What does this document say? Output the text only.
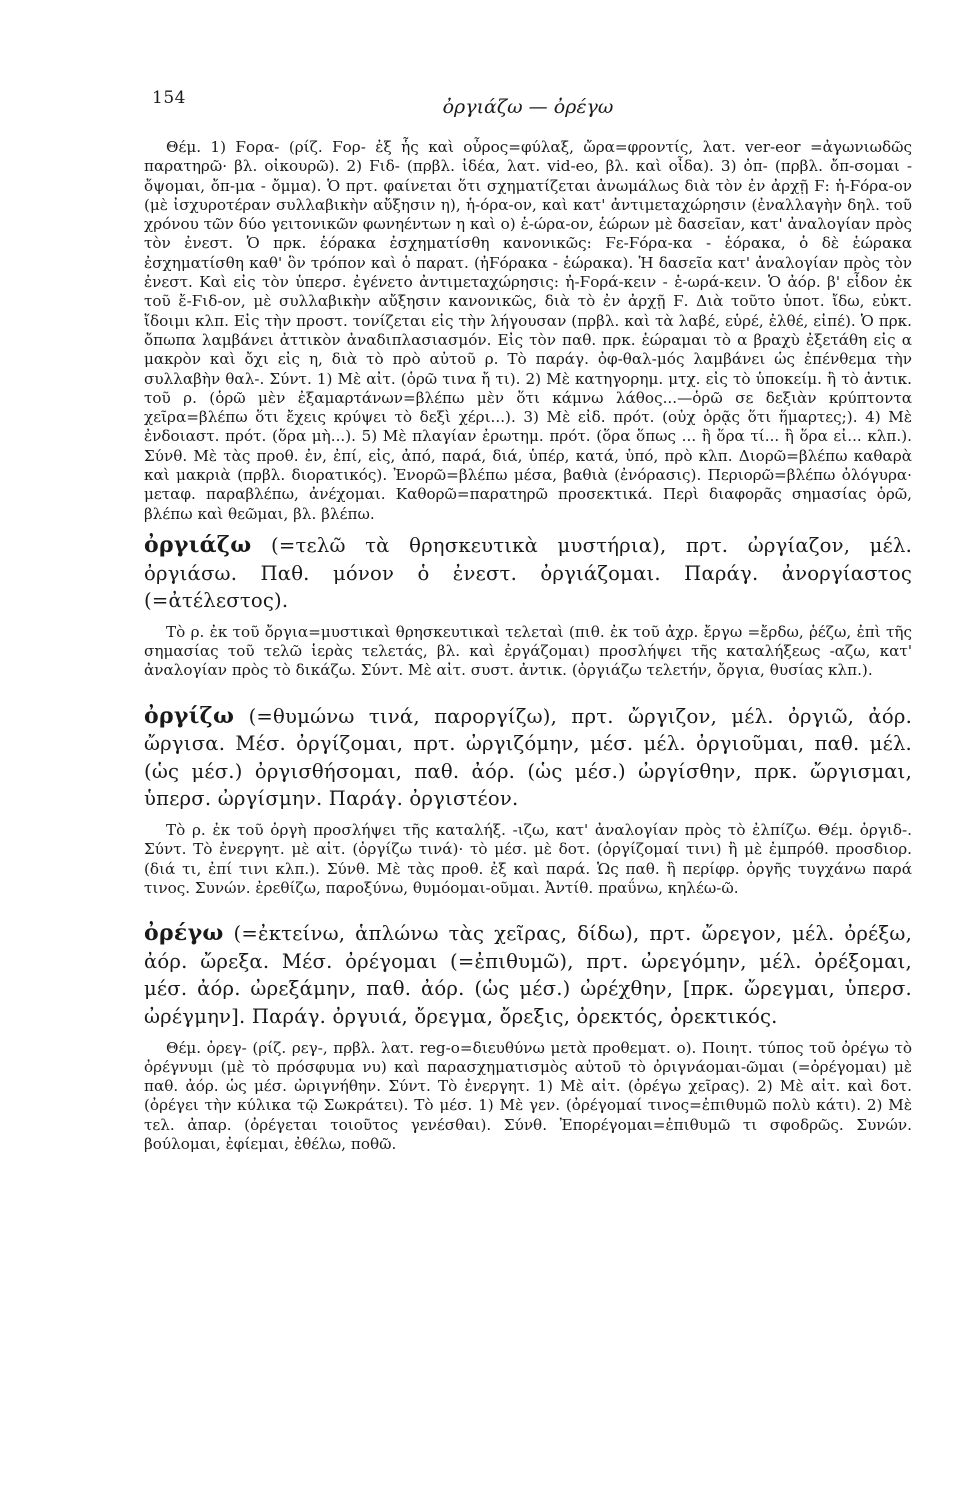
154	ὀργιάζω — ὀρέγω

Θέμ. 1) Ϝορα- (ρίζ. Ϝορ- ἐξ ἧς καὶ οὖρος=φύλαξ, ὤρα=φροντίς, λατ. ver-eor =ἀγωνιωδῶς παρατηρῶ· βλ. οἰκουρῶ). 2) Ϝιδ- (πρβλ. ἰδέα, λατ. vid-eo, βλ. καὶ οἶδα). 3) ὀπ- (πρβλ. ὄπ-σομαι - ὄψομαι, ὄπ-μα - ὄμμα). Ὁ πρτ. φαίνεται ὅτι σχηματίζεται ἀνωμάλως διὰ τὸν ἐν ἀρχῇ Ϝ: ἡ-Ϝόρα-ον (μὲ ἰσχυροτέραν συλλαβικὴν αὔξησιν η), ἡ-όρα-ον, καὶ κατ' ἀντιμεταχώρησιν (ἐναλλαγὴν δηλ. τοῦ χρόνου τῶν δύο γειτονικῶν φωνηέντων η καὶ ο) ἑ-ώρα-ον, ἑώρων μὲ δασεῖαν, κατ' ἀναλογίαν πρὸς τὸν ἐνεστ. Ὁ πρκ. ἑόρακα ἐσχηματίσθη κανονικῶς: Ϝε-Ϝόρα-κα - ἑόρακα, ὁ δὲ ἑώρακα ἐσχηματίσθη καθ' ὃν τρόπον καὶ ὁ παρατ. (ἠϜόρακα - ἑώρακα). Ἡ δασεῖα κατ' ἀναλογίαν πρὸς τὸν ἐνεστ. Καὶ εἰς τὸν ὑπερσ. ἐγένετο ἀντιμεταχώρησις: ἠ-Ϝορά-κειν - ἑ-ωρά-κειν. Ὁ ἀόρ. β' εἶδον ἐκ τοῦ ἔ-Ϝιδ-ον, μὲ συλλαβικὴν αὔξησιν κανονικῶς, διὰ τὸ ἐν ἀρχῇ Ϝ. Διὰ τοῦτο ὑποτ. ἴδω, εὐκτ. ἴδοιμι κλπ. Εἰς τὴν προστ. τονίζεται εἰς τὴν λήγουσαν (πρβλ. καὶ τὰ λαβέ, εὑρέ, ἐλθέ, εἰπέ). Ὁ πρκ. ὄπωπα λαμβάνει ἀττικὸν ἀναδιπλασιασμόν. Εἰς τὸν παθ. πρκ. ἑώραμαι τὸ α βραχὺ ἐξετάθη εἰς α μακρὸν καὶ ὄχι εἰς η, διὰ τὸ πρὸ αὐτοῦ ρ. Τὸ παράγ. ὀφ-θαλ-μός λαμβάνει ὡς ἐπένθεμα τὴν συλλαβὴν θαλ-. Σύντ. 1) Μὲ αἰτ. (ὁρῶ τινα ἤ τι). 2) Μὲ κατηγορημ. μτχ. εἰς τὸ ὑποκείμ. ἢ τὸ ἀντικ. τοῦ ρ. (ὁρῶ μὲν ἐξαμαρτάνων=βλέπω μὲν ὅτι κάμνω λάθος...—ὁρῶ σε δεξιὰν κρύπτοντα χεῖρα=βλέπω ὅτι ἔχεις κρύψει τὸ δεξὶ χέρι...). 3) Μὲ εἰδ. πρότ. (οὐχ ὁρᾷς ὅτι ἥμαρτες;). 4) Μὲ ἐνδοιαστ. πρότ. (ὅρα μὴ...). 5) Μὲ πλαγίαν ἐρωτημ. πρότ. (ὅρα ὅπως ... ἢ ὅρα τί... ἢ ὅρα εἰ... κλπ.). Σύνθ. Μὲ τὰς προθ. ἐν, ἐπί, εἰς, ἀπό, παρά, διά, ὑπέρ, κατά, ὑπό, πρὸ κλπ. Διορῶ=βλέπω καθαρὰ καὶ μακριὰ (πρβλ. διορατικός). Ἐνορῶ=βλέπω μέσα, βαθιὰ (ἐνόρασις). Περιορῶ=βλέπω ὀλόγυρα· μεταφ. παραβλέπω, ἀνέχομαι. Καθορῶ=παρατηρῶ προσεκτικά. Περὶ διαφορᾶς σημασίας ὁρῶ, βλέπω καὶ θεῶμαι, βλ. βλέπω.

ὀργιάζω (=τελῶ τὰ θρησκευτικὰ μυστήρια), πρτ. ὠργίαζον, μέλ. ὀργιάσω. Παθ. μόνον ὁ ἐνεστ. ὀργιάζομαι. Παράγ. ἀνοργίαστος (=ἀτέλεστος).

Τὸ ρ. ἐκ τοῦ ὄργια=μυστικαὶ θρησκευτικαὶ τελεταὶ (πιθ. ἐκ τοῦ ἀχρ. ἔργω =ἔρδω, ῥέζω, ἐπὶ τῆς σημασίας τοῦ τελῶ ἱερὰς τελετάς, βλ. καὶ ἐργάζομαι) προσλήψει τῆς καταλήξεως -αζω, κατ' ἀναλογίαν πρὸς τὸ δικάζω. Σύντ. Μὲ αἰτ. συστ. ἀντικ. (ὀργιάζω τελετήν, ὄργια, θυσίας κλπ.).

ὀργίζω (=θυμώνω τινά, παροργίζω), πρτ. ὤργιζον, μέλ. ὀργιῶ, ἀόρ. ὤργισα. Μέσ. ὀργίζομαι, πρτ. ὠργιζόμην, μέσ. μέλ. ὀργιοῦμαι, παθ. μέλ. (ὡς μέσ.) ὀργισθήσομαι, παθ. ἀόρ. (ὡς μέσ.) ὠργίσθην, πρκ. ὤργισμαι, ὑπερσ. ὠργίσμην. Παράγ. ὀργιστέον.

Τὸ ρ. ἐκ τοῦ ὀργὴ προσλήψει τῆς καταλήξ. -ιζω, κατ' ἀναλογίαν πρὸς τὸ ἐλπίζω. Θέμ. ὀργιδ-. Σύντ. Τὸ ἐνεργητ. μὲ αἰτ. (ὀργίζω τινά)· τὸ μέσ. μὲ δοτ. (ὀργίζομαί τινι) ἢ μὲ ἐμπρόθ. προσδιορ. (διά τι, ἐπί τινι κλπ.). Σύνθ. Μὲ τὰς προθ. ἐξ καὶ παρά. Ὡς παθ. ἢ περίφρ. ὀργῆς τυγχάνω παρά τινος. Συνών. ἐρεθίζω, παροξύνω, θυμόομαι-οῦμαι. Ἀντίθ. πραΰνω, κηλέω-ῶ.

ὀρέγω (=ἐκτείνω, ἁπλώνω τὰς χεῖρας, δίδω), πρτ. ὤρεγον, μέλ. ὀρέξω, ἀόρ. ὤρεξα. Μέσ. ὀρέγομαι (=ἐπιθυμῶ), πρτ. ὠρεγόμην, μέλ. ὀρέξομαι, μέσ. ἀόρ. ὠρεξάμην, παθ. ἀόρ. (ὡς μέσ.) ὠρέχθην, [πρκ. ὤρεγμαι, ὑπερσ. ὠρέγμην]. Παράγ. ὀργυιά, ὄρεγμα, ὄρεξις, ὀρεκτός, ὀρεκτικός.

Θέμ. ὀρεγ- (ρίζ. ρεγ-, πρβλ. λατ. reg-o=διευθύνω μετὰ προθεματ. ο). Ποιητ. τύπος τοῦ ὀρέγω τὸ ὀρέγνυμι (μὲ τὸ πρόσφυμα νυ) καὶ παρασχηματισμὸς αὐτοῦ τὸ ὀριγνάομαι-ῶμαι (=ὀρέγομαι) μὲ παθ. ἀόρ. ὡς μέσ. ὠριγνήθην. Σύντ. Τὸ ἐνεργητ. 1) Μὲ αἰτ. (ὀρέγω χεῖρας). 2) Μὲ αἰτ. καὶ δοτ. (ὀρέγει τὴν κύλικα τῷ Σωκράτει). Τὸ μέσ. 1) Μὲ γεν. (ὀρέγομαί τινος=ἐπιθυμῶ πολὺ κάτι). 2) Μὲ τελ. ἀπαρ. (ὀρέγεται τοιοῦτος γενέσθαι). Σύνθ. Ἐπορέγομαι=ἐπιθυμῶ τι σφοδρῶς. Συνών. βούλομαι, ἐφίεμαι, ἐθέλω, ποθῶ.
